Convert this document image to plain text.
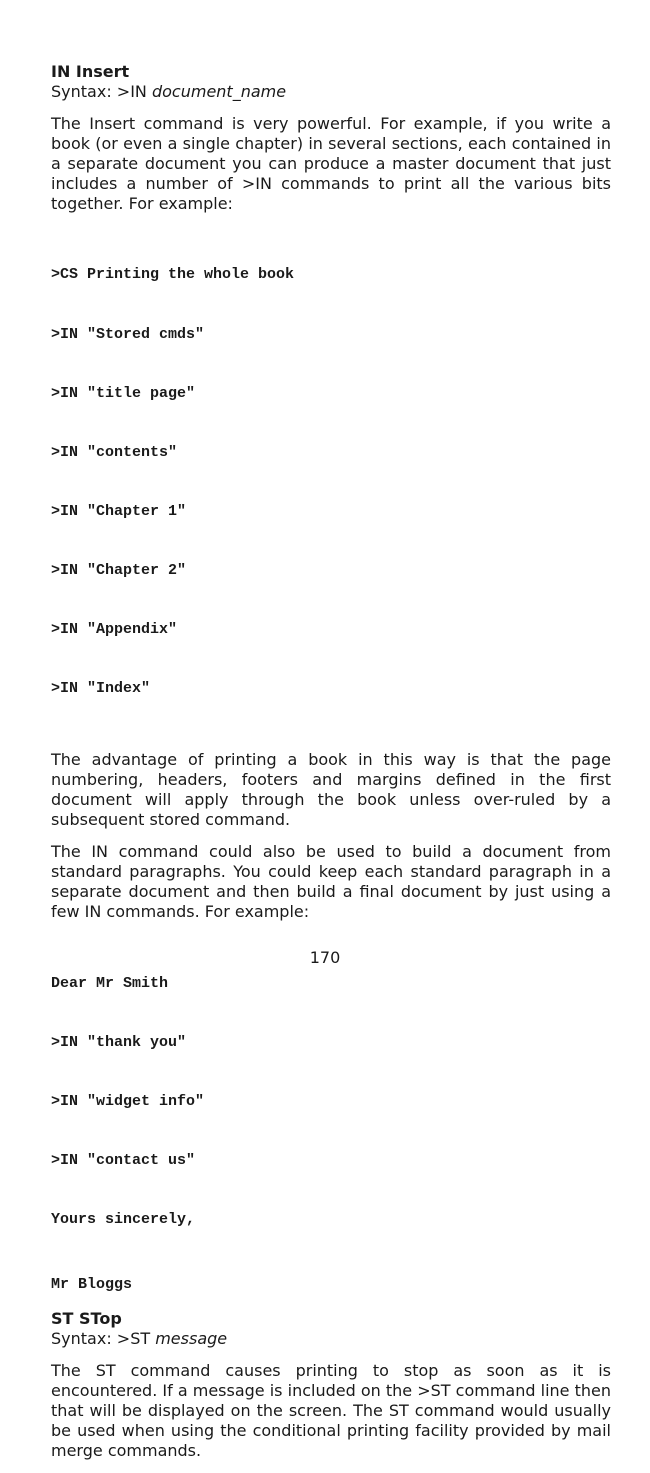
IN Insert

Syntax: >IN document_name

The Insert command is very powerful. For example, if you write a book (or even a single chapter) in several sections, each contained in a separate document you can produce a master document that just includes a number of >IN commands to print all the various bits together. For example:

>CS Printing the whole book

>IN "Stored cmds"

>IN "title page"

>IN "contents"

>IN "Chapter 1"

>IN "Chapter 2"

>IN "Appendix"

>IN "Index"

The advantage of printing a book in this way is that the page numbering, headers, footers and margins defined in the first document will apply through the book unless over-ruled by a subsequent stored command.

The IN command could also be used to build a document from standard paragraphs. You could keep each standard paragraph in a separate document and then build a final document by just using a few IN commands. For example:

Dear Mr Smith

>IN "thank you"

>IN "widget info"

>IN "contact us"

Yours sincerely,

Mr Bloggs
ST STop

Syntax: >ST message

The ST command causes printing to stop as soon as it is encountered. If a message is included on the >ST command line then that will be displayed on the screen. The ST command would usually be used when using the conditional printing facility provided by mail merge commands.

170
